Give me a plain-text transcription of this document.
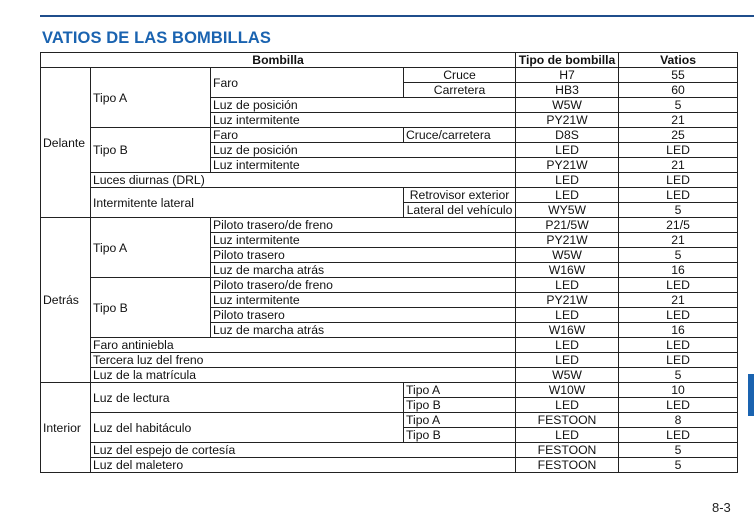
VATIOS DE LAS BOMBILLAS
Bombilla				Tipo de bombilla	Vatios
Delante	Tipo A	Faro	Cruce	H7	55
			Carretera	HB3	60
		Luz de posición		W5W	5
		Luz intermitente		PY21W	21
	Tipo B	Faro	Cruce/carretera	D8S	25
		Luz de posición		LED	LED
		Luz intermitente		PY21W	21
	Luces diurnas (DRL)			LED	LED
	Intermitente lateral		Retrovisor exterior	LED	LED
			Lateral del vehículo	WY5W	5
Detrás	Tipo A	Piloto trasero/de freno		P21/5W	21/5
		Luz intermitente		PY21W	21
		Piloto trasero		W5W	5
		Luz de marcha atrás		W16W	16
	Tipo B	Piloto trasero/de freno		LED	LED
		Luz intermitente		PY21W	21
		Piloto trasero		LED	LED
		Luz de marcha atrás		W16W	16
	Faro antiniebla			LED	LED
	Tercera luz del freno			LED	LED
	Luz de la matrícula			W5W	5
Interior	Luz de lectura		Tipo A	W10W	10
			Tipo B	LED	LED
	Luz del habitáculo		Tipo A	FESTOON	8
			Tipo B	LED	LED
	Luz del espejo de cortesía			FESTOON	5
	Luz del maletero			FESTOON	5
8-3
